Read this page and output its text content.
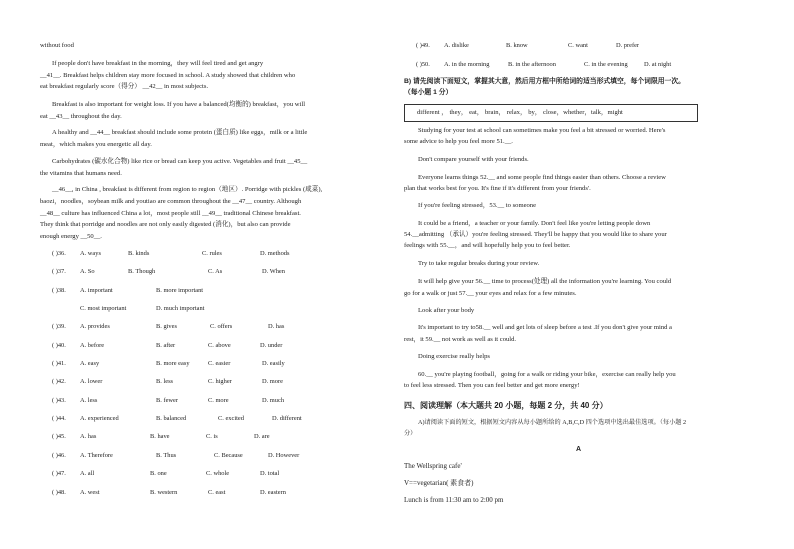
without food
If people don't have breakfast in the morning，they will feel tired and get angry
__41__. Breakfast helps children stay more focused in school. A study showed that children who
eat breakfast regularly score（得分） __42__ in most subjects.
Breakfast is also important for weight loss. If you have a balanced(均衡的) breakfast，you will
eat __43__ throughout the day.
A healthy and __44__ breakfast should include some protein (蛋白质) like eggs，milk or a little
meat，which makes you energetic all day.
Carbohydrates (碳水化合物) like rice or bread can keep you active. Vegetables and fruit __45__
the vitamins that humans need.
__46__, in China , breakfast is different from region to region（地区）. Porridge with pickles (咸菜),
baozi，noodles，soybean milk and youtiao are common throughout the __47__ country. Although
__48__ culture has influenced China a lot，most people still __49__ traditional Chinese breakfast.
They think that porridge and noodles are not only easily digested (消化)，but also can provide
enough energy __50__.
( )36. A. ways	B. kinds	C. rules	D. methods
( )37. A. So	B. Though	C. As	D. When
( )38. A. important	B. more important
C. most important	D. much important
( )39. A. provides	B. gives	C. offers	D. has
( )40. A. before	B. after	C. above	D. under
( )41. A. easy	B. more easy	C. easier	D. easily
( )42. A. lower	B. less	C. higher	D. more
( )43. A. less	B. fewer	C. more	D. much
( )44. A. experienced	B. balanced	C. excited	D. different
( )45. A. has	B. have	C. is	D. are
( )46. A. Therefore	B. Thus	C. Because	D. However
( )47. A. all	B. one	C. whole	D. total
( )48. A. west	B. western	C. east	D. eastern
( )49. A. dislike	B. know	C. want	D. prefer
( )50. A. in the morning	B. in the afternoon	C. in the evening	D. at night
B) 请先阅读下面短文，掌握其大意，然后用方框中所给词的适当形式填空，每个词限用一次。
（每小题 1 分）
different ， they， eat， brain， relax， by， close，whether，talk，might
Studying for your test at school can sometimes make you feel a bit stressed or worried. Here's
some advice to help you feel more 51.__.
Don't compare yourself with your friends.
Everyone learns things 52.__ and some people find things easier than others. Choose a review
plan that works best for you. It's fine if it's different from your friends'.
If you're feeling stressed，53.__ to someone
It could be a friend，a teacher or your family. Don't feel like you're letting people down
54.__admitting （承认）you're feeling stressed. They'll be happy that you would like to share your
feelings with 55.__，and will hopefully help you to feel better.
Try to take regular breaks during your review.
It will help give your 56.__ time to process(处理) all the information you're learning. You could
go for a walk or just 57.__ your eyes and relax for a few minutes.
Look after your body
It's important to try to58.__ well and get lots of sleep before a test .If you don't give your mind a
rest，it 59.__ not work as well as it could.
Doing exercise really helps
60.__ you're playing football，going for a walk or riding your bike，exercise can really help you
to feel less stressed. Then you can feel better and get more energy!
四、阅读理解（本大题共 20 小题，每题 2 分，共 40 分）
A)请阅读下面的短文，根据短文内容从每小题所给的 A,B,C,D 四个选项中选出最佳选项。（每小题 2
分）
A
The Wellspring cafe'
V==vegetarian( 素食者)
Lunch is from 11:30 am to 2:00 pm
